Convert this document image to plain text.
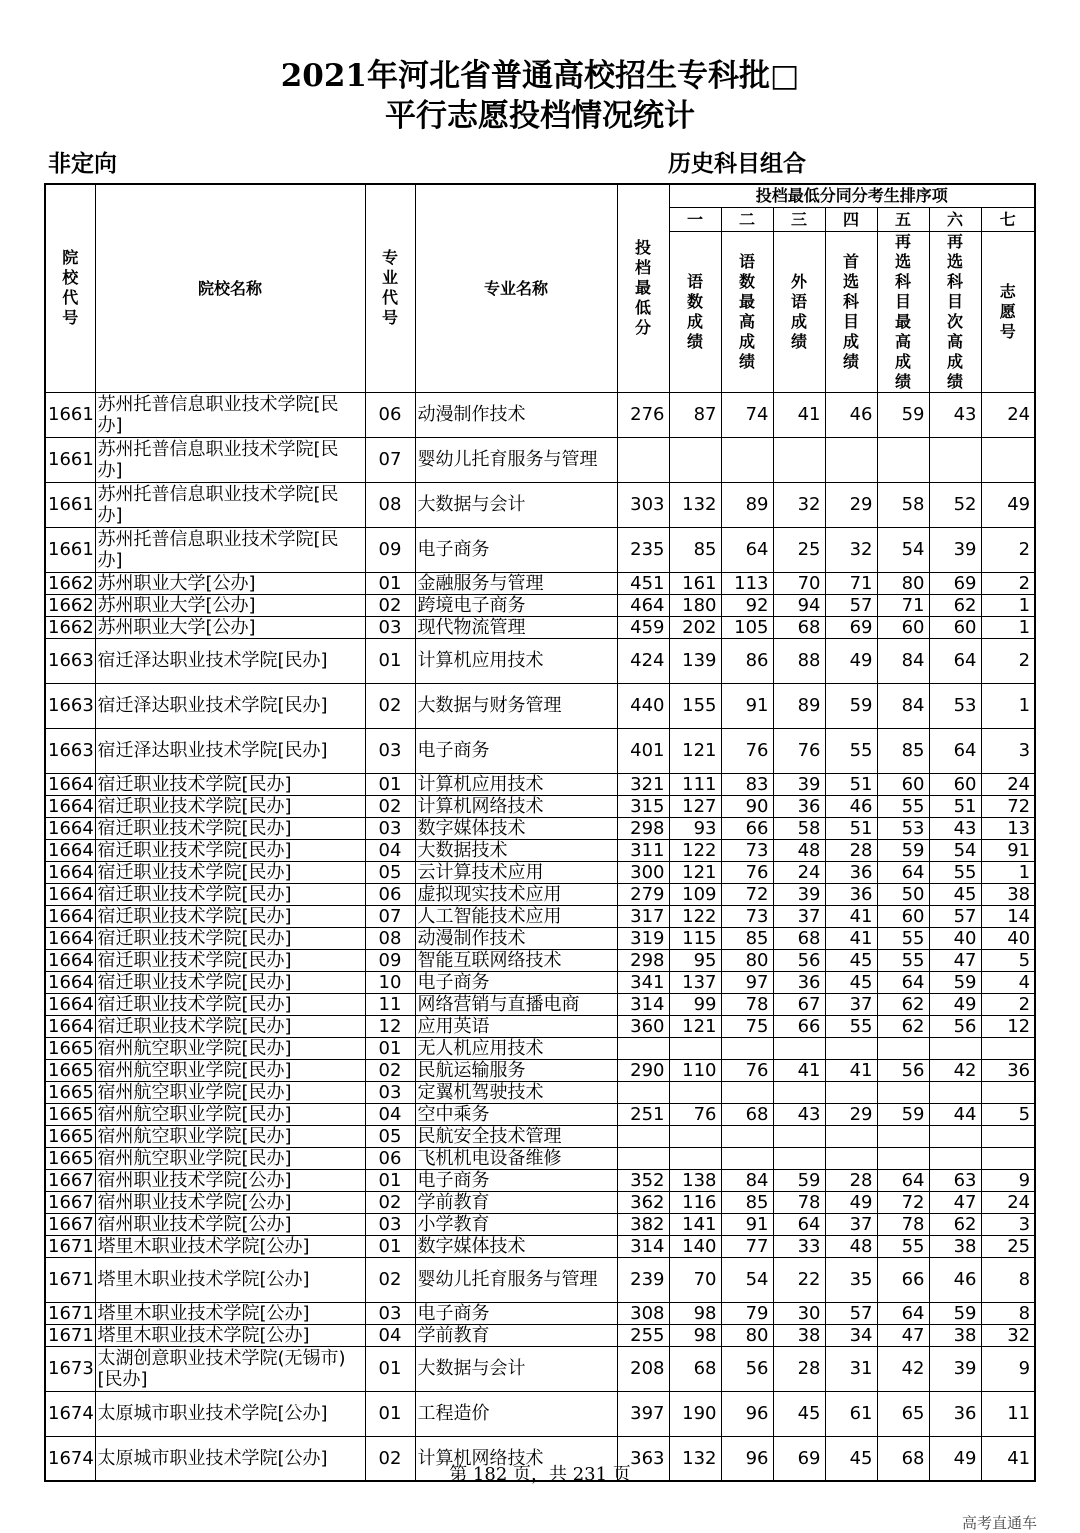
2021年河北省普通高校招生专科批□
平行志愿投档情况统计
非定向	历史科目组合
院校代号	院校名称	专业代号	专业名称	投档最低分	投档最低分同分考生排序项						
					一	二	三	四	五	六	七
					语数成绩	语数最高成绩	外语成绩	首选科目成绩	再选科目最高成绩	再选科目次高成绩	志愿号
1661	苏州托普信息职业技术学院[民办]	06	动漫制作技术	276	87	74	41	46	59	43	24
1661	苏州托普信息职业技术学院[民办]	07	婴幼儿托育服务与管理								
1661	苏州托普信息职业技术学院[民办]	08	大数据与会计	303	132	89	32	29	58	52	49
1661	苏州托普信息职业技术学院[民办]	09	电子商务	235	85	64	25	32	54	39	2
1662	苏州职业大学[公办]	01	金融服务与管理	451	161	113	70	71	80	69	2
1662	苏州职业大学[公办]	02	跨境电子商务	464	180	92	94	57	71	62	1
1662	苏州职业大学[公办]	03	现代物流管理	459	202	105	68	69	60	60	1
1663	宿迁泽达职业技术学院[民办]	01	计算机应用技术	424	139	86	88	49	84	64	2
1663	宿迁泽达职业技术学院[民办]	02	大数据与财务管理	440	155	91	89	59	84	53	1
1663	宿迁泽达职业技术学院[民办]	03	电子商务	401	121	76	76	55	85	64	3
1664	宿迁职业技术学院[民办]	01	计算机应用技术	321	111	83	39	51	60	60	24
1664	宿迁职业技术学院[民办]	02	计算机网络技术	315	127	90	36	46	55	51	72
1664	宿迁职业技术学院[民办]	03	数字媒体技术	298	93	66	58	51	53	43	13
1664	宿迁职业技术学院[民办]	04	大数据技术	311	122	73	48	28	59	54	91
1664	宿迁职业技术学院[民办]	05	云计算技术应用	300	121	76	24	36	64	55	1
1664	宿迁职业技术学院[民办]	06	虚拟现实技术应用	279	109	72	39	36	50	45	38
1664	宿迁职业技术学院[民办]	07	人工智能技术应用	317	122	73	37	41	60	57	14
1664	宿迁职业技术学院[民办]	08	动漫制作技术	319	115	85	68	41	55	40	40
1664	宿迁职业技术学院[民办]	09	智能互联网络技术	298	95	80	56	45	55	47	5
1664	宿迁职业技术学院[民办]	10	电子商务	341	137	97	36	45	64	59	4
1664	宿迁职业技术学院[民办]	11	网络营销与直播电商	314	99	78	67	37	62	49	2
1664	宿迁职业技术学院[民办]	12	应用英语	360	121	75	66	55	62	56	12
1665	宿州航空职业学院[民办]	01	无人机应用技术								
1665	宿州航空职业学院[民办]	02	民航运输服务	290	110	76	41	41	56	42	36
1665	宿州航空职业学院[民办]	03	定翼机驾驶技术								
1665	宿州航空职业学院[民办]	04	空中乘务	251	76	68	43	29	59	44	5
1665	宿州航空职业学院[民办]	05	民航安全技术管理								
1665	宿州航空职业学院[民办]	06	飞机机电设备维修								
1667	宿州职业技术学院[公办]	01	电子商务	352	138	84	59	28	64	63	9
1667	宿州职业技术学院[公办]	02	学前教育	362	116	85	78	49	72	47	24
1667	宿州职业技术学院[公办]	03	小学教育	382	141	91	64	37	78	62	3
1671	塔里木职业技术学院[公办]	01	数字媒体技术	314	140	77	33	48	55	38	25
1671	塔里木职业技术学院[公办]	02	婴幼儿托育服务与管理	239	70	54	22	35	66	46	8
1671	塔里木职业技术学院[公办]	03	电子商务	308	98	79	30	57	64	59	8
1671	塔里木职业技术学院[公办]	04	学前教育	255	98	80	38	34	47	38	32
1673	太湖创意职业技术学院(无锡市)[民办]	01	大数据与会计	208	68	56	28	31	42	39	9
1674	太原城市职业技术学院[公办]	01	工程造价	397	190	96	45	61	65	36	11
1674	太原城市职业技术学院[公办]	02	计算机网络技术	363	132	96	69	45	68	49	41
第 182 页，共 231 页
高考直通车
